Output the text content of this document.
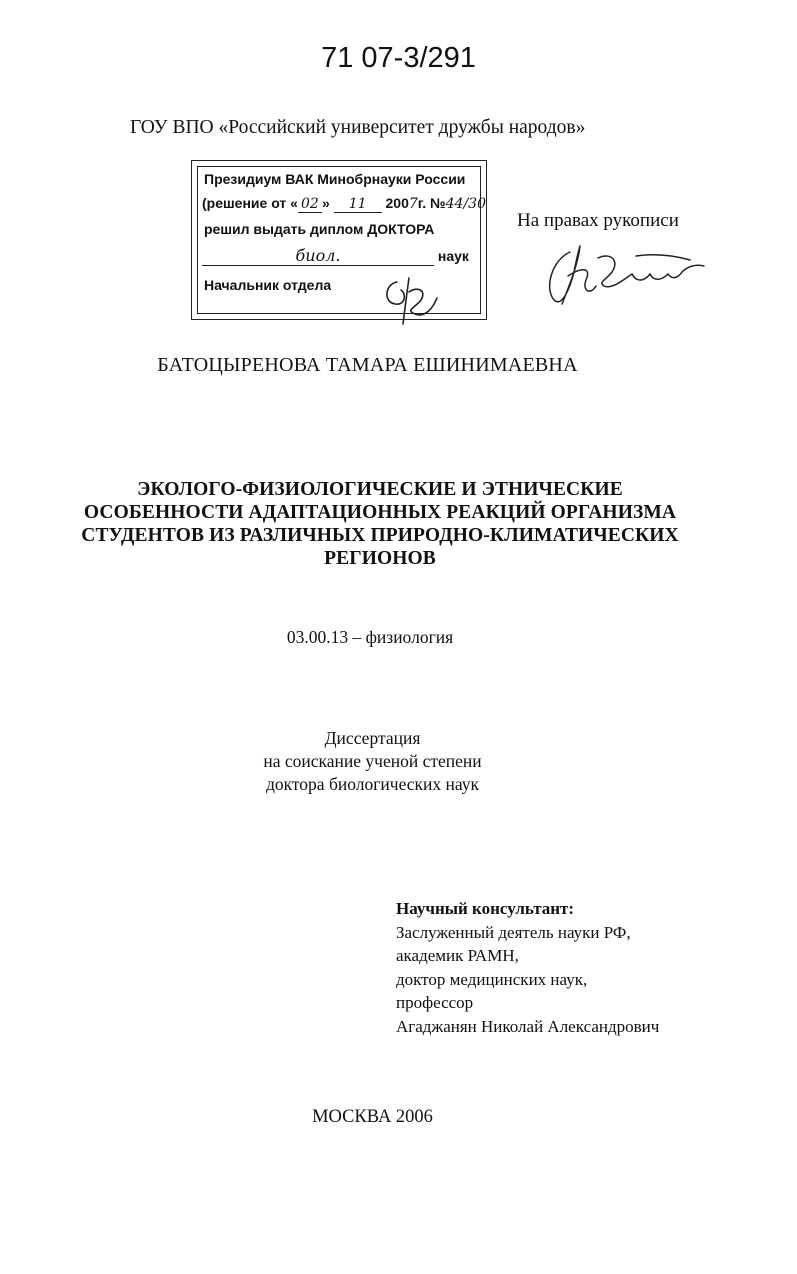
71 07-3/291
ГОУ ВПО «Российский университет дружбы народов»
Президиум ВАК Минобрнауки России
(решение от « 02 » 11 2007г. №44/30
решил выдать диплом ДОКТОРА
биол.	наук
Начальник отдела
На правах рукописи
БАТОЦЫРЕНОВА ТАМАРА ЕШИНИМАЕВНА
ЭКОЛОГО-ФИЗИОЛОГИЧЕСКИЕ И ЭТНИЧЕСКИЕ
ОСОБЕННОСТИ АДАПТАЦИОННЫХ РЕАКЦИЙ ОРГАНИЗМА
СТУДЕНТОВ ИЗ РАЗЛИЧНЫХ ПРИРОДНО-КЛИМАТИЧЕСКИХ
РЕГИОНОВ
03.00.13 – физиология
Диссертация
на соискание ученой степени
доктора биологических наук
Научный консультант:
Заслуженный деятель науки РФ,
академик РАМН,
доктор медицинских наук,
профессор
Агаджанян Николай Александрович
МОСКВА 2006
